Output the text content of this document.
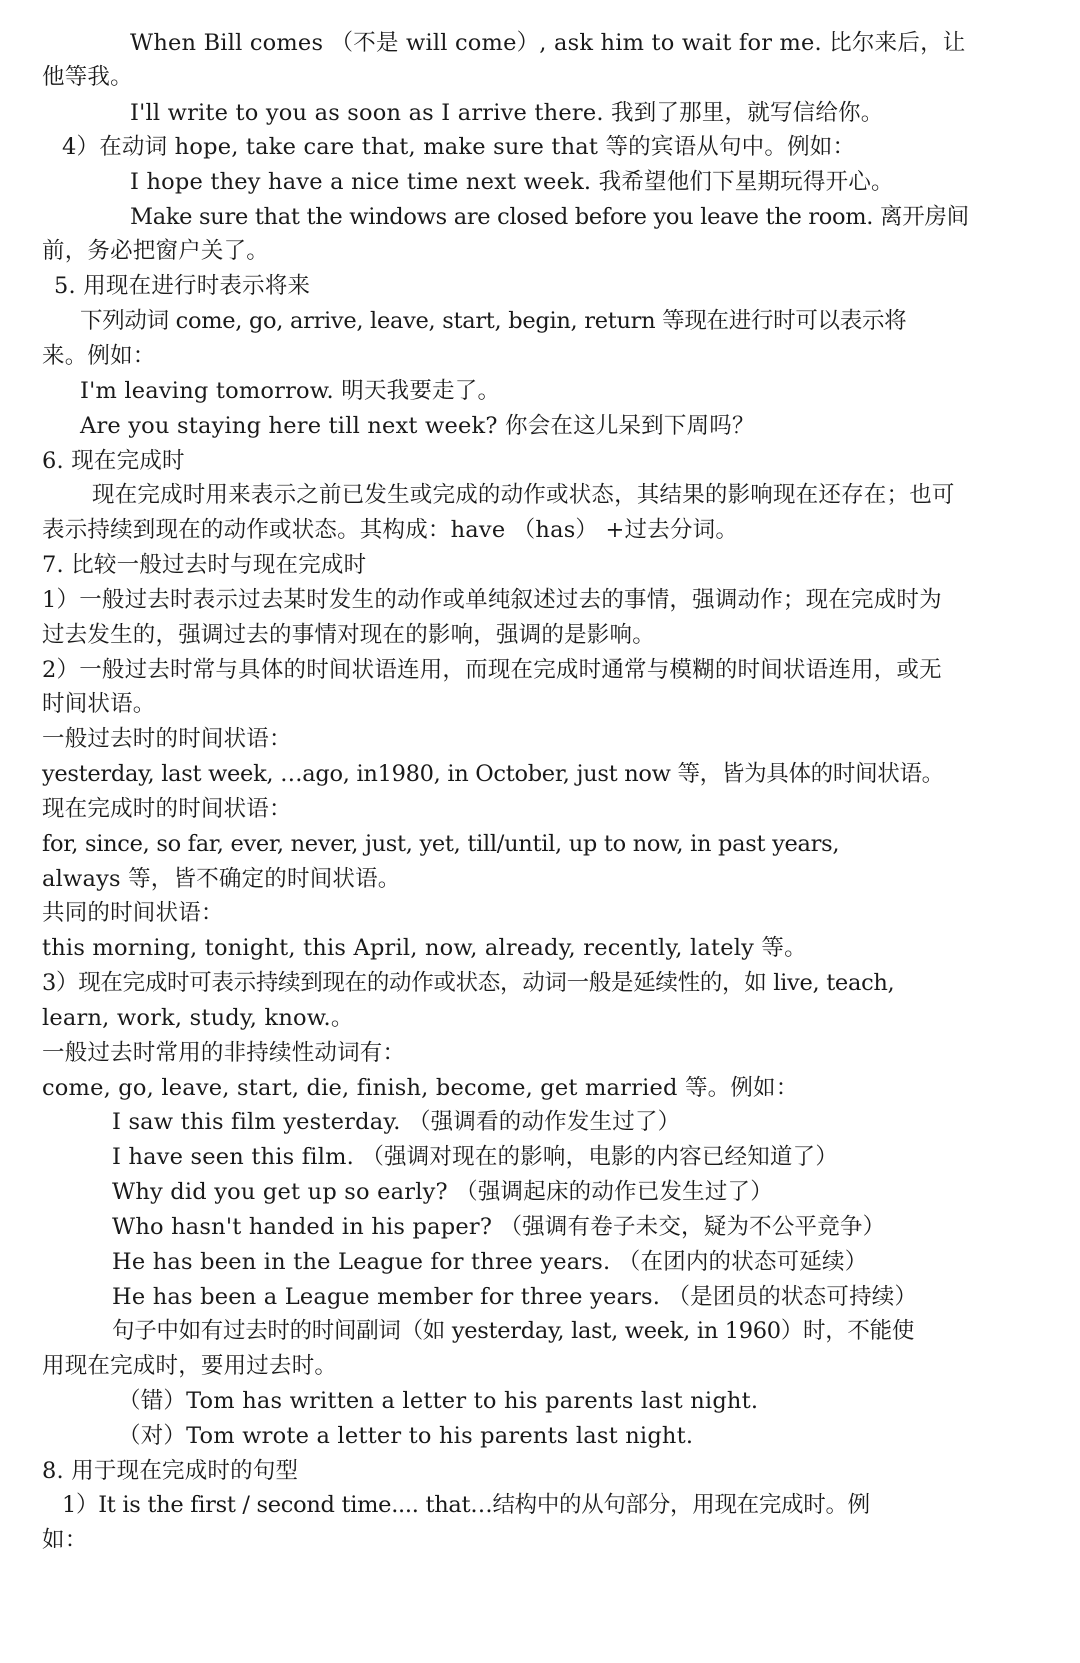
When Bill comes （不是 will come）, ask him to wait for me. 比尔来后，让
他等我。
I'll write to you as soon as I arrive there. 我到了那里，就写信给你。
4）在动词 hope, take care that, make sure that 等的宾语从句中。例如：
I hope they have a nice time next week. 我希望他们下星期玩得开心。
Make sure that the windows are closed before you leave the room. 离开房间
前，务必把窗户关了。
5. 用现在进行时表示将来
下列动词 come, go, arrive, leave, start, begin, return 等现在进行时可以表示将
来。例如：
I'm leaving tomorrow. 明天我要走了。
Are you staying here till next week? 你会在这儿呆到下周吗？
6. 现在完成时
现在完成时用来表示之前已发生或完成的动作或状态，其结果的影响现在还存在；也可
表示持续到现在的动作或状态。其构成：have （has） +过去分词。
7. 比较一般过去时与现在完成时
1）一般过去时表示过去某时发生的动作或单纯叙述过去的事情，强调动作；现在完成时为
过去发生的，强调过去的事情对现在的影响，强调的是影响。
2）一般过去时常与具体的时间状语连用，而现在完成时通常与模糊的时间状语连用，或无
时间状语。
一般过去时的时间状语：
yesterday, last week, …ago, in1980, in October, just now 等，皆为具体的时间状语。
现在完成时的时间状语：
for, since, so far, ever, never, just, yet, till/until, up to now, in past years,
always 等，皆不确定的时间状语。
共同的时间状语：
this morning, tonight, this April, now, already, recently, lately 等。
3）现在完成时可表示持续到现在的动作或状态，动词一般是延续性的，如 live, teach,
learn, work, study, know.。
一般过去时常用的非持续性动词有：
come, go, leave, start, die, finish, become, get married 等。例如：
I saw this film yesterday. （强调看的动作发生过了）
I have seen this film. （强调对现在的影响，电影的内容已经知道了）
Why did you get up so early? （强调起床的动作已发生过了）
Who hasn't handed in his paper? （强调有卷子未交，疑为不公平竞争）
He has been in the League for three years. （在团内的状态可延续）
He has been a League member for three years. （是团员的状态可持续）
句子中如有过去时的时间副词（如 yesterday, last, week, in 1960）时，不能使
用现在完成时，要用过去时。
（错）Tom has written a letter to his parents last night.
（对）Tom wrote a letter to his parents last night.
8. 用于现在完成时的句型
1）It is the first / second time.... that…结构中的从句部分，用现在完成时。例
如：
